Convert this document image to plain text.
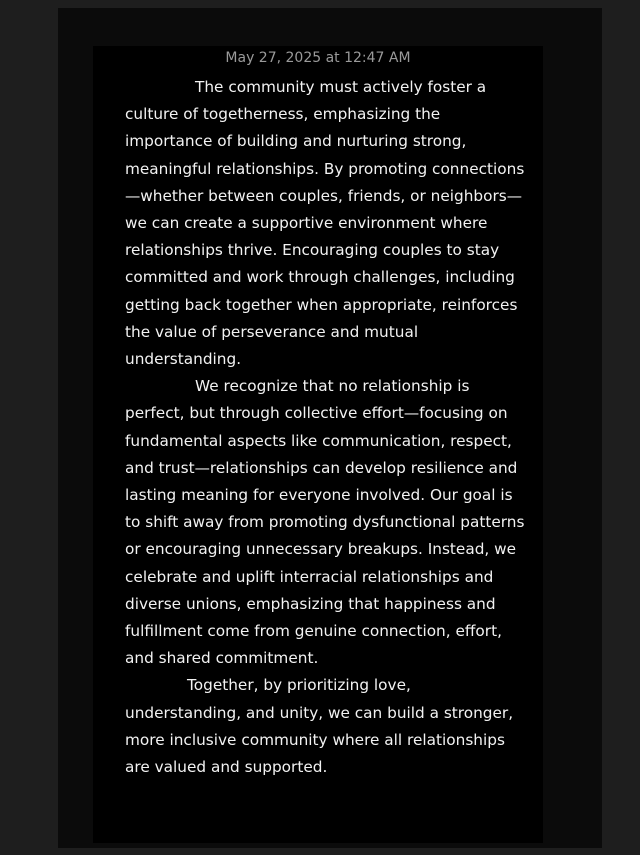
May 27, 2025 at 12:47 AM

The community must actively foster a culture of togetherness, emphasizing the importance of building and nurturing strong, meaningful relationships. By promoting connections—whether between couples, friends, or neighbors—we can create a supportive environment where relationships thrive. Encouraging couples to stay committed and work through challenges, including getting back together when appropriate, reinforces the value of perseverance and mutual understanding.

We recognize that no relationship is perfect, but through collective effort—focusing on fundamental aspects like communication, respect, and trust—relationships can develop resilience and lasting meaning for everyone involved. Our goal is to shift away from promoting dysfunctional patterns or encouraging unnecessary breakups. Instead, we celebrate and uplift interracial relationships and diverse unions, emphasizing that happiness and fulfillment come from genuine connection, effort, and shared commitment.

Together, by prioritizing love, understanding, and unity, we can build a stronger, more inclusive community where all relationships are valued and supported.
